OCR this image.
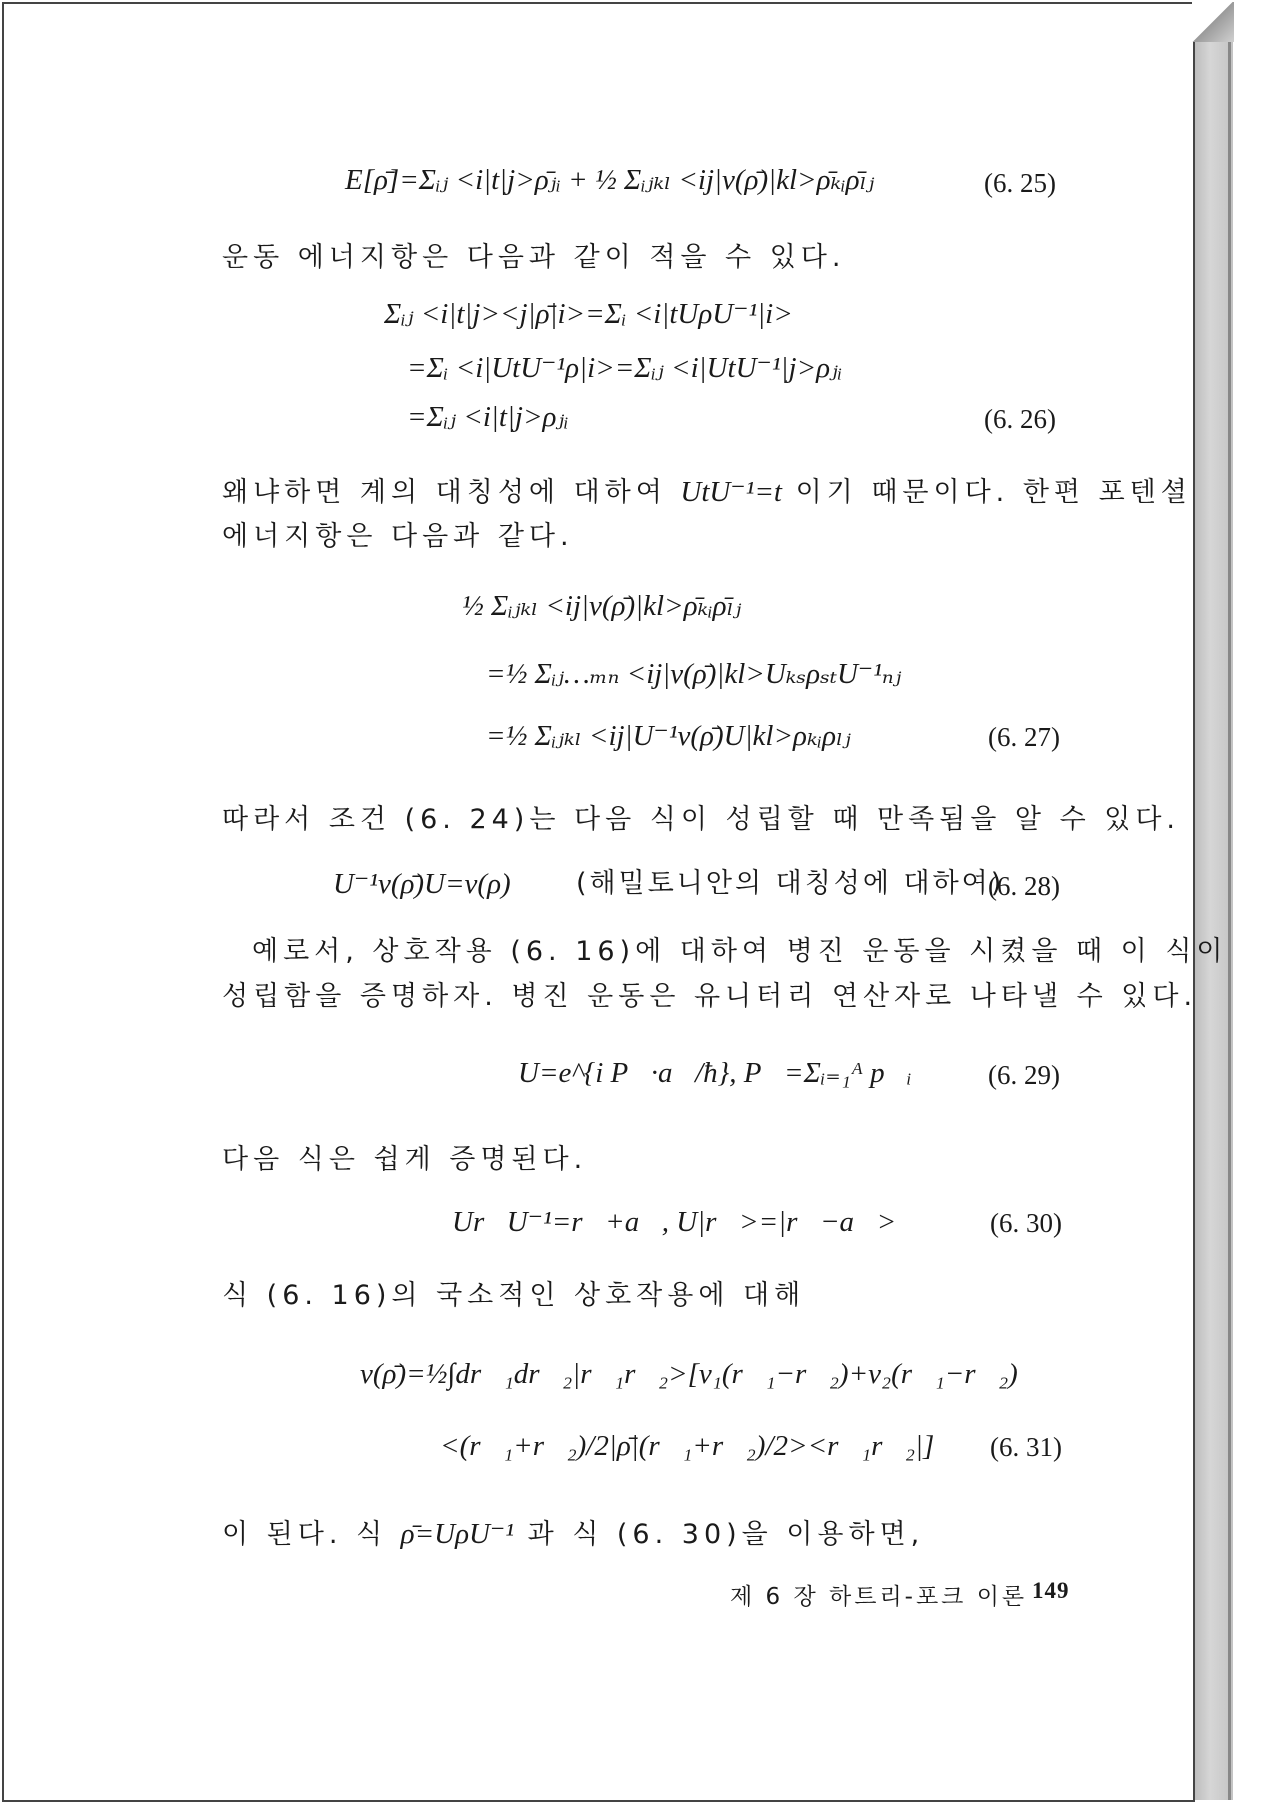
E[ρ̄]=Σᵢⱼ <i|t|j>ρ̄ⱼᵢ + ½ Σᵢⱼₖₗ <ij|v(ρ̄)|kl>ρ̄ₖᵢρ̄ₗⱼ	(6. 25)
운동 에너지항은 다음과 같이 적을 수 있다.
Σᵢⱼ <i|t|j><j|ρ̄|i>=Σᵢ <i|tUρU⁻¹|i>
=Σᵢ <i|UtU⁻¹ρ|i>=Σᵢⱼ <i|UtU⁻¹|j>ρⱼᵢ
=Σᵢⱼ <i|t|j>ρⱼᵢ	(6. 26)
왜냐하면 계의 대칭성에 대하여 UtU⁻¹=t 이기 때문이다. 한편 포텐셜
에너지항은 다음과 같다.
½ Σᵢⱼₖₗ <ij|v(ρ̄)|kl>ρ̄ₖᵢρ̄ₗⱼ
=½ Σᵢⱼ…ₘₙ <ij|v(ρ̄)|kl>UₖₛρₛₜU⁻¹ₙⱼ
=½ Σᵢⱼₖₗ <ij|U⁻¹v(ρ̄)U|kl>ρₖᵢρₗⱼ	(6. 27)
따라서 조건 (6. 24)는 다음 식이 성립할 때 만족됨을 알 수 있다.
U⁻¹v(ρ̄)U=v(ρ) (해밀토니안의 대칭성에 대하여)
(6. 28)
예로서, 상호작용 (6. 16)에 대하여 병진 운동을 시켰을 때 이 식이
성립함을 증명하자. 병진 운동은 유니터리 연산자로 나타낼 수 있다.
U=e^{i P⃗·a⃗/ħ}, P⃗=Σᵢ₌₁ᴬ p⃗ᵢ	(6. 29)
다음 식은 쉽게 증명된다.
Ur⃗U⁻¹=r⃗+a⃗, U|r⃗>=|r⃗−a⃗>	(6. 30)
식 (6. 16)의 국소적인 상호작용에 대해
v(ρ̄)=½∫dr⃗₁dr⃗₂|r⃗₁r⃗₂>[v₁(r⃗₁−r⃗₂)+v₂(r⃗₁−r⃗₂)
<(r⃗₁+r⃗₂)/2|ρ̄|(r⃗₁+r⃗₂)/2><r⃗₁r⃗₂|] (6. 31)
이 된다. 식 ρ̄=UρU⁻¹ 과 식 (6. 30)을 이용하면,
제 6 장 하트리-포크 이론 149
